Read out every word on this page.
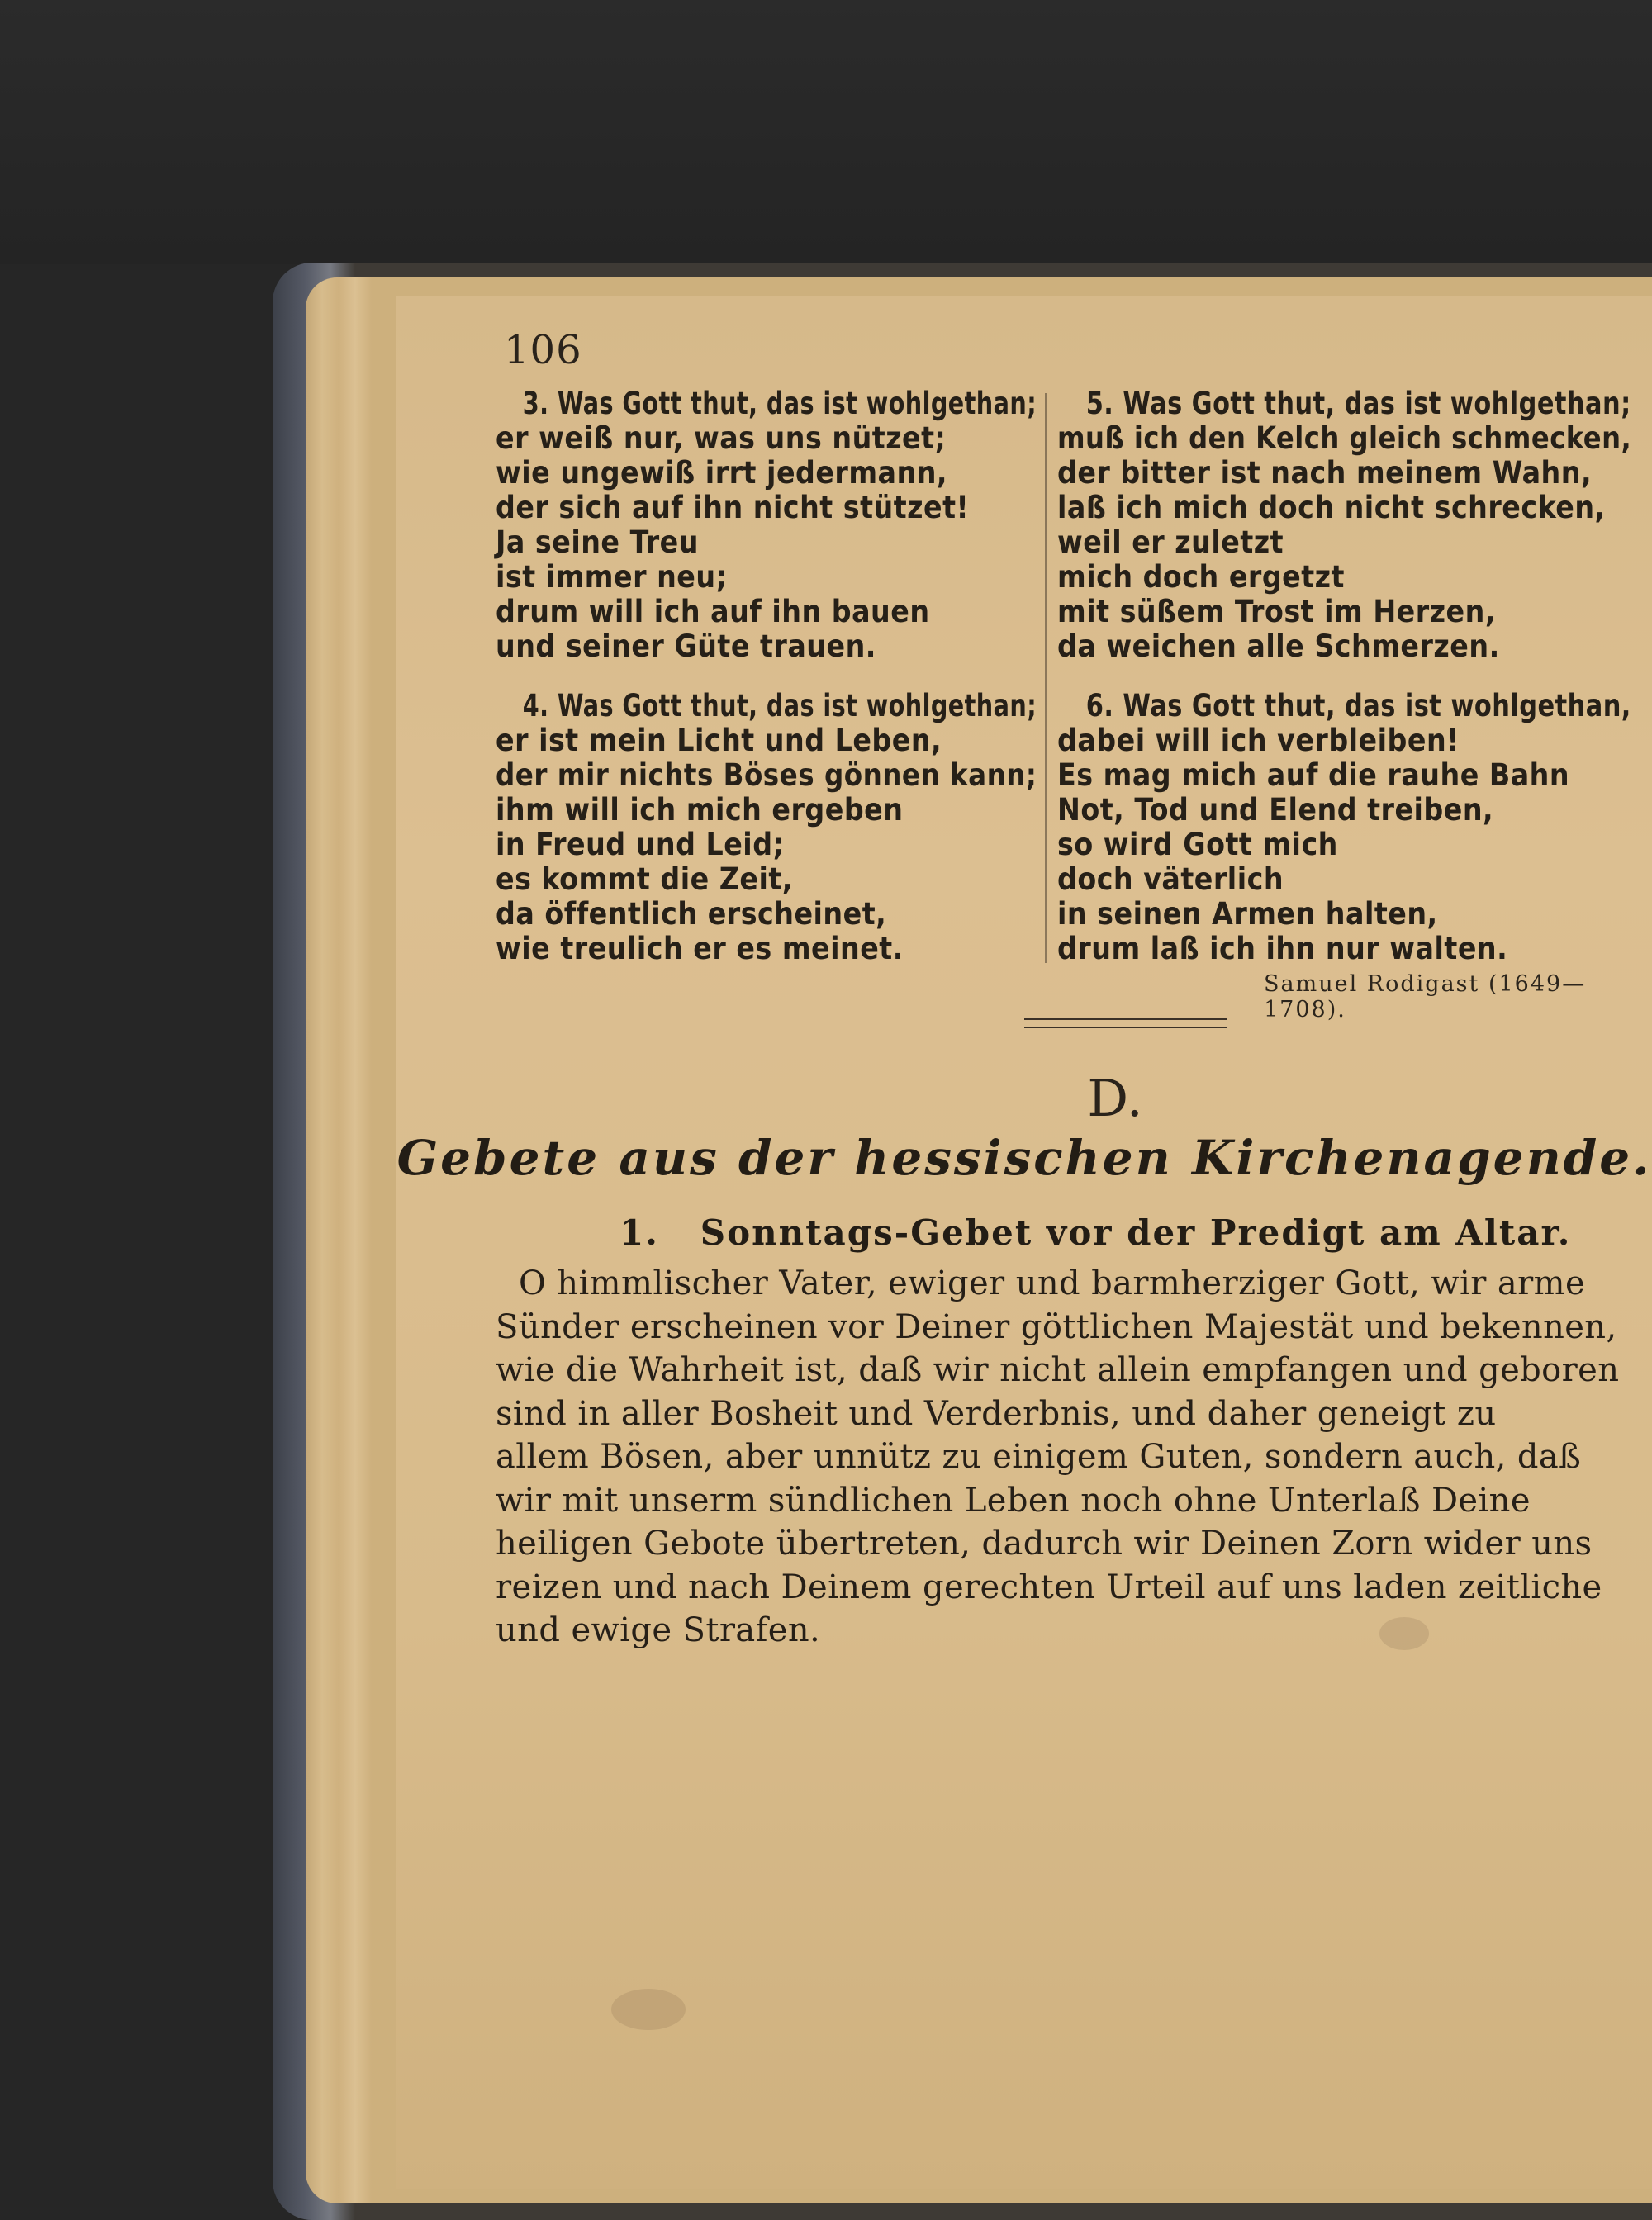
106
3. Was Gott thut, das ist wohlgethan;
er weiß nur, was uns nützet;
wie ungewiß irrt jedermann,
der sich auf ihn nicht stützet!
Ja seine Treu
ist immer neu;
drum will ich auf ihn bauen
und seiner Güte trauen.
4. Was Gott thut, das ist wohlgethan;
er ist mein Licht und Leben,
der mir nichts Böses gönnen kann;
ihm will ich mich ergeben
in Freud und Leid;
es kommt die Zeit,
da öffentlich erscheinet,
wie treulich er es meinet.
5. Was Gott thut, das ist wohlgethan;
muß ich den Kelch gleich schmecken,
der bitter ist nach meinem Wahn,
laß ich mich doch nicht schrecken,
weil er zuletzt
mich doch ergetzt
mit süßem Trost im Herzen,
da weichen alle Schmerzen.
6. Was Gott thut, das ist wohlgethan,
dabei will ich verbleiben!
Es mag mich auf die rauhe Bahn
Not, Tod und Elend treiben,
so wird Gott mich
doch väterlich
in seinen Armen halten,
drum laß ich ihn nur walten.
Samuel Rodigast (1649—1708).
D.
Gebete aus der hessischen Kirchenagende.
1. Sonntags-Gebet vor der Predigt am Altar.
O himmlischer Vater, ewiger und barmherziger Gott, wir arme
Sünder erscheinen vor Deiner göttlichen Majestät und bekennen,
wie die Wahrheit ist, daß wir nicht allein empfangen und geboren
sind in aller Bosheit und Verderbnis, und daher geneigt zu
allem Bösen, aber unnütz zu einigem Guten, sondern auch, daß
wir mit unserm sündlichen Leben noch ohne Unterlaß Deine
heiligen Gebote übertreten, dadurch wir Deinen Zorn wider uns
reizen und nach Deinem gerechten Urteil auf uns laden zeitliche
und ewige Strafen.
